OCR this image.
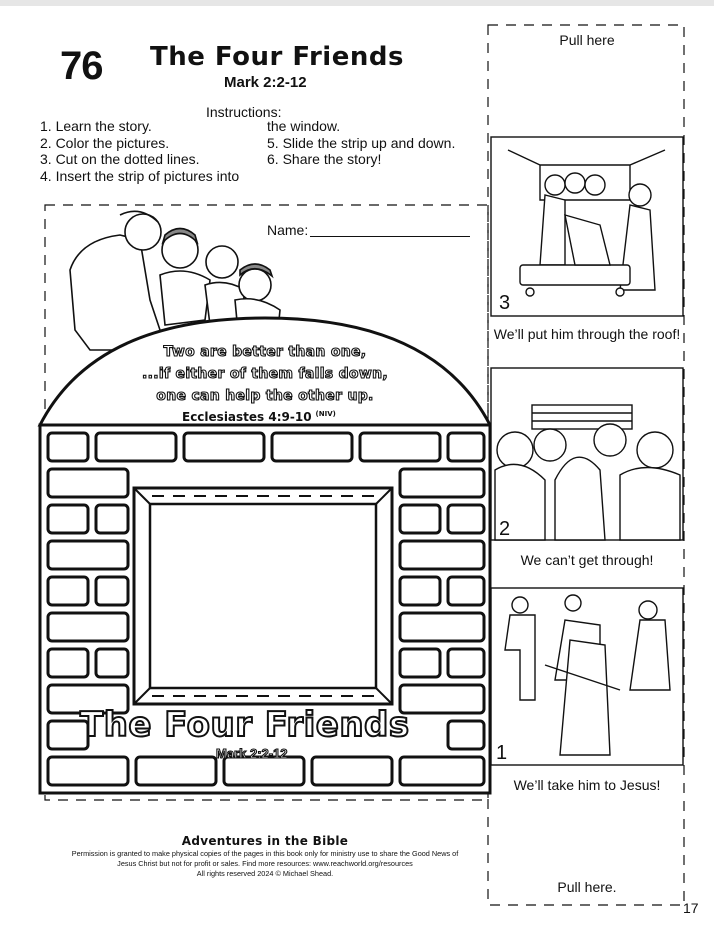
76 The Four Friends
Mark 2:2-12
Instructions:
1. Learn the story.
2. Color the pictures.
3. Cut on the dotted lines.
4. Insert the strip of pictures into
the window.
5. Slide the strip up and down.
6. Share the story!
Name:
Two are better than one,
...if either of them falls down,
one can help the other up.
Ecclesiastes 4:9-10 $^{(NIV)}$
The Four Friends
Mark 2:2-12
Adventures in the Bible
Permission is granted to make physical copies of the pages in this book only for ministry use to share the Good News of
Jesus Christ but not for profit or sales. Find more resources: www.reachworld.org/resources
All rights reserved 2024 © Michael Shead.
Pull here
3
We’ll put him through the roof!
2
We can’t get through!
1
We’ll take him to Jesus!
Pull here.
17
